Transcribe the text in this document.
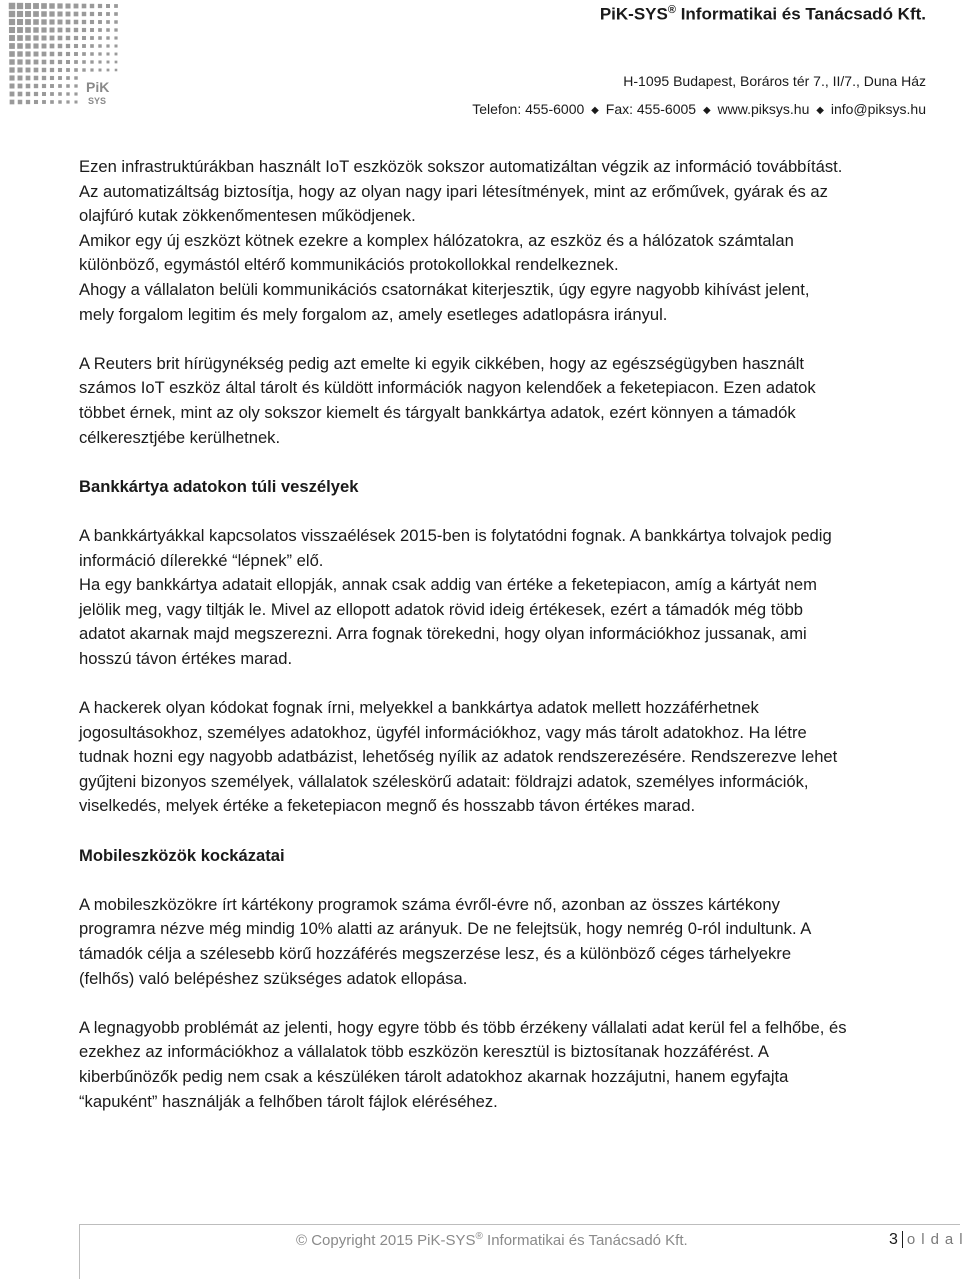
PiK
SYS
PiK-SYS® Informatikai és Tanácsadó Kft.
H-1095 Budapest, Boráros tér 7., II/7., Duna Ház
Telefon: 455-6000 ◆ Fax: 455-6005 ◆ www.piksys.hu ◆ info@piksys.hu

Ezen infrastruktúrákban használt IoT eszközök sokszor automatizáltan végzik az információ továbbítást. Az automatizáltság biztosítja, hogy az olyan nagy ipari létesítmények, mint az erőművek, gyárak és az olajfúró kutak zökkenőmentesen működjenek.

Amikor egy új eszközt kötnek ezekre a komplex hálózatokra, az eszköz és a hálózatok számtalan különböző, egymástól eltérő kommunikációs protokollokkal rendelkeznek.

Ahogy a vállalaton belüli kommunikációs csatornákat kiterjesztik, úgy egyre nagyobb kihívást jelent, mely forgalom legitim és mely forgalom az, amely esetleges adatlopásra irányul.

A Reuters brit hírügynékség pedig azt emelte ki egyik cikkében, hogy az egészségügyben használt számos IoT eszköz által tárolt és küldött információk nagyon kelendőek a feketepiacon. Ezen adatok többet érnek, mint az oly sokszor kiemelt és tárgyalt bankkártya adatok, ezért könnyen a támadók célkeresztjébe kerülhetnek.

Bankkártya adatokon túli veszélyek

A bankkártyákkal kapcsolatos visszaélések 2015-ben is folytatódni fognak. A bankkártya tolvajok pedig információ dílerekké “lépnek” elő.

Ha egy bankkártya adatait ellopják, annak csak addig van értéke a feketepiacon, amíg a kártyát nem jelölik meg, vagy tiltják le. Mivel az ellopott adatok rövid ideig értékesek, ezért a támadók még több adatot akarnak majd megszerezni. Arra fognak törekedni, hogy olyan információkhoz jussanak, ami hosszú távon értékes marad.

A hackerek olyan kódokat fognak írni, melyekkel a bankkártya adatok mellett hozzáférhetnek jogosultásokhoz, személyes adatokhoz, ügyfél információkhoz, vagy más tárolt adatokhoz. Ha létre tudnak hozni egy nagyobb adatbázist, lehetőség nyílik az adatok rendszerezésére. Rendszerezve lehet gyűjteni bizonyos személyek, vállalatok széleskörű adatait: földrajzi adatok, személyes információk, viselkedés, melyek értéke a feketepiacon megnő és hosszabb távon értékes marad.

Mobileszközök kockázatai

A mobileszközökre írt kártékony programok száma évről-évre nő, azonban az összes kártékony programra nézve még mindig 10% alatti az arányuk. De ne felejtsük, hogy nemrég 0-ról indultunk. A támadók célja a szélesebb körű hozzáférés megszerzése lesz, és a különböző céges tárhelyekre (felhős) való belépéshez szükséges adatok ellopása.

A legnagyobb problémát az jelenti, hogy egyre több és több érzékeny vállalati adat kerül fel a felhőbe, és ezekhez az információkhoz a vállalatok több eszközön keresztül is biztosítanak hozzáférést. A kiberbűnözők pedig nem csak a készüléken tárolt adatokhoz akarnak hozzájutni, hanem egyfajta “kapuként” használják a felhőben tárolt fájlok eléréséhez.

© Copyright 2015 PiK-SYS® Informatikai és Tanácsadó Kft.	3 oldal
